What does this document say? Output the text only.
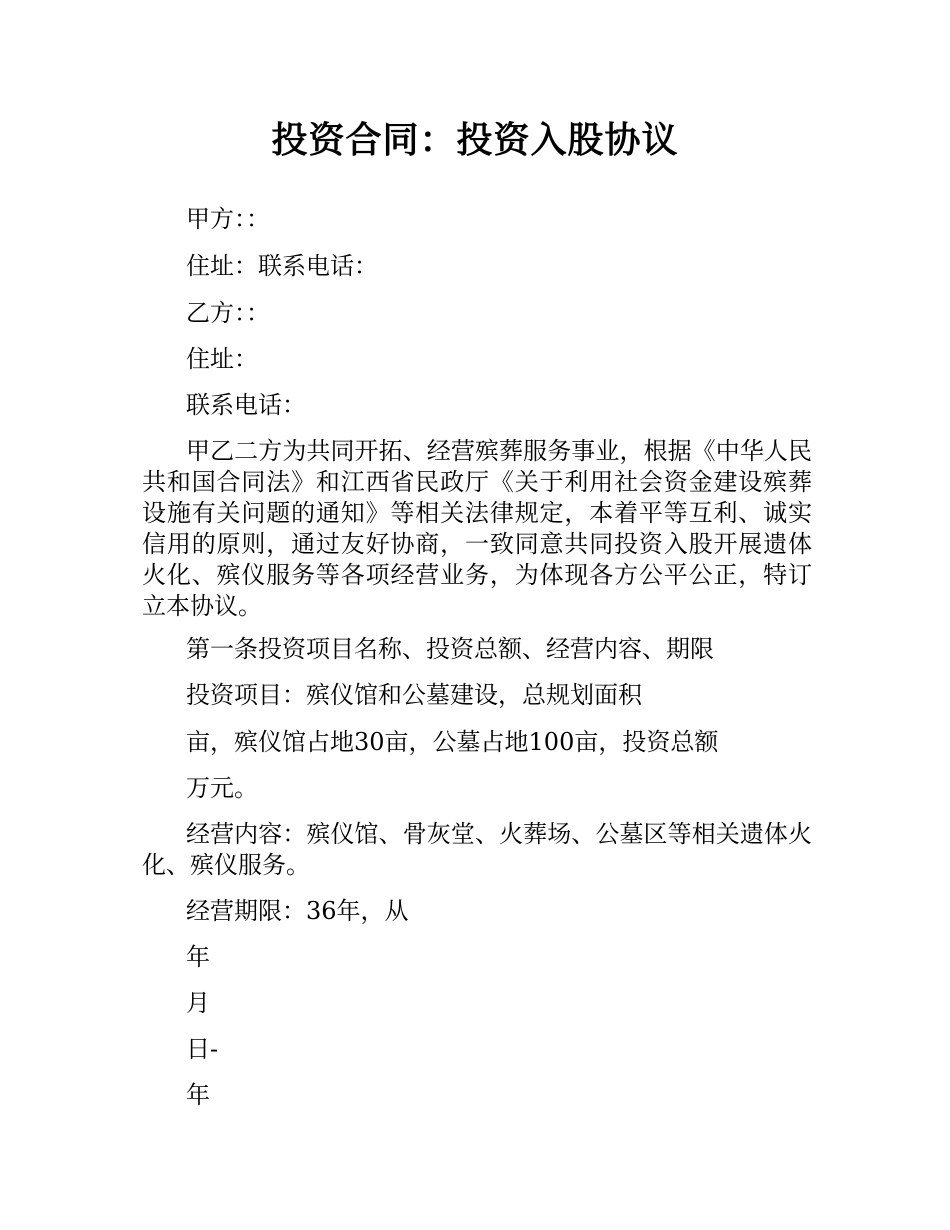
投资合同：投资入股协议

甲方：：

住址：联系电话：

乙方：：

住址：

联系电话：

甲乙二方为共同开拓、经营殡葬服务事业，根据《中华人民共和国合同法》和江西省民政厅《关于利用社会资金建设殡葬设施有关问题的通知》等相关法律规定，本着平等互利、诚实信用的原则，通过友好协商，一致同意共同投资入股开展遗体火化、殡仪服务等各项经营业务，为体现各方公平公正，特订立本协议。

第一条投资项目名称、投资总额、经营内容、期限

投资项目：殡仪馆和公墓建设，总规划面积

亩，殡仪馆占地30亩，公墓占地100亩，投资总额

万元。

经营内容：殡仪馆、骨灰堂、火葬场、公墓区等相关遗体火化、殡仪服务。

经营期限：36年，从

年

月

日-

年
